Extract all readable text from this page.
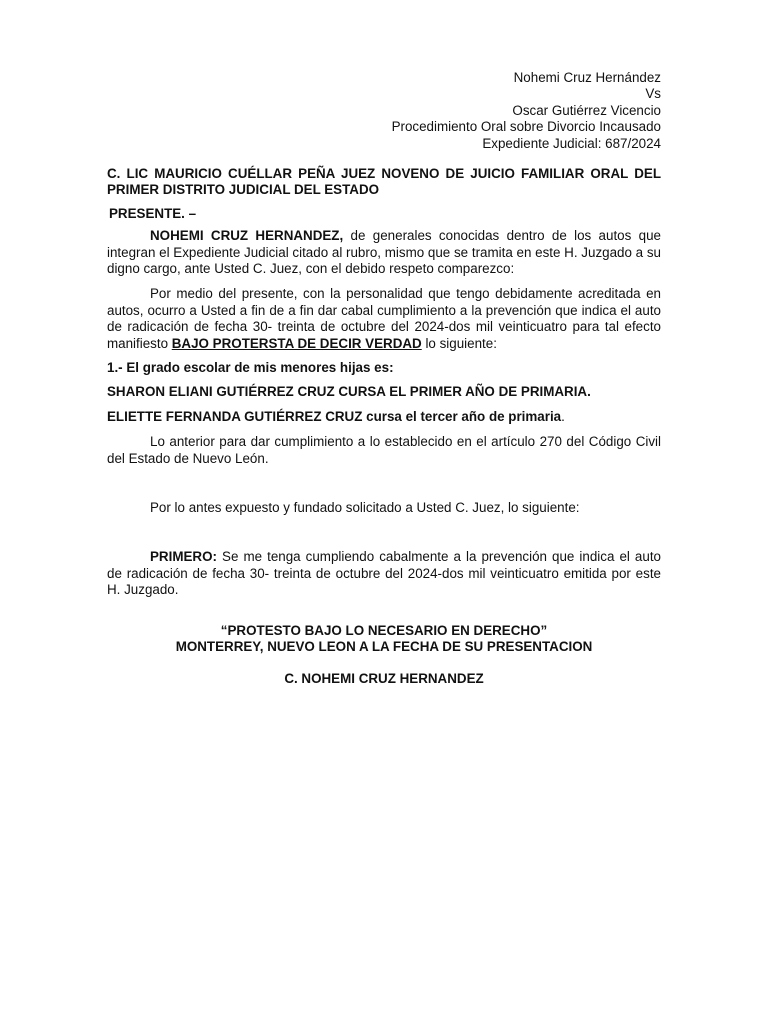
Nohemi Cruz Hernández
Vs
Oscar Gutiérrez Vicencio
Procedimiento Oral sobre Divorcio Incausado
Expediente Judicial: 687/2024
C. LIC MAURICIO CUÉLLAR PEÑA JUEZ NOVENO DE JUICIO FAMILIAR ORAL DEL PRIMER DISTRITO JUDICIAL DEL ESTADO
PRESENTE. –
NOHEMI CRUZ HERNANDEZ, de generales conocidas dentro de los autos que integran el Expediente Judicial citado al rubro, mismo que se tramita en este H. Juzgado a su digno cargo, ante Usted C. Juez, con el debido respeto comparezco:
Por medio del presente, con la personalidad que tengo debidamente acreditada en autos, ocurro a Usted a fin de a fin dar cabal cumplimiento a la prevención que indica el auto de radicación de fecha 30- treinta de octubre del 2024-dos mil veinticuatro para tal efecto manifiesto BAJO PROTERSTA DE DECIR VERDAD lo siguiente:
1.- El grado escolar de mis menores hijas es:
SHARON ELIANI GUTIÉRREZ CRUZ CURSA EL PRIMER AÑO DE PRIMARIA.
ELIETTE FERNANDA GUTIÉRREZ CRUZ cursa el tercer año de primaria.
Lo anterior para dar cumplimiento a lo establecido en el artículo 270 del Código Civil del Estado de Nuevo León.
Por lo antes expuesto y fundado solicitado a Usted C. Juez, lo siguiente:
PRIMERO: Se me tenga cumpliendo cabalmente a la prevención que indica el auto de radicación de fecha 30- treinta de octubre del 2024-dos mil veinticuatro emitida por este H. Juzgado.
“PROTESTO BAJO LO NECESARIO EN DERECHO”
MONTERREY, NUEVO LEON A LA FECHA DE SU PRESENTACION
C. NOHEMI CRUZ HERNANDEZ
